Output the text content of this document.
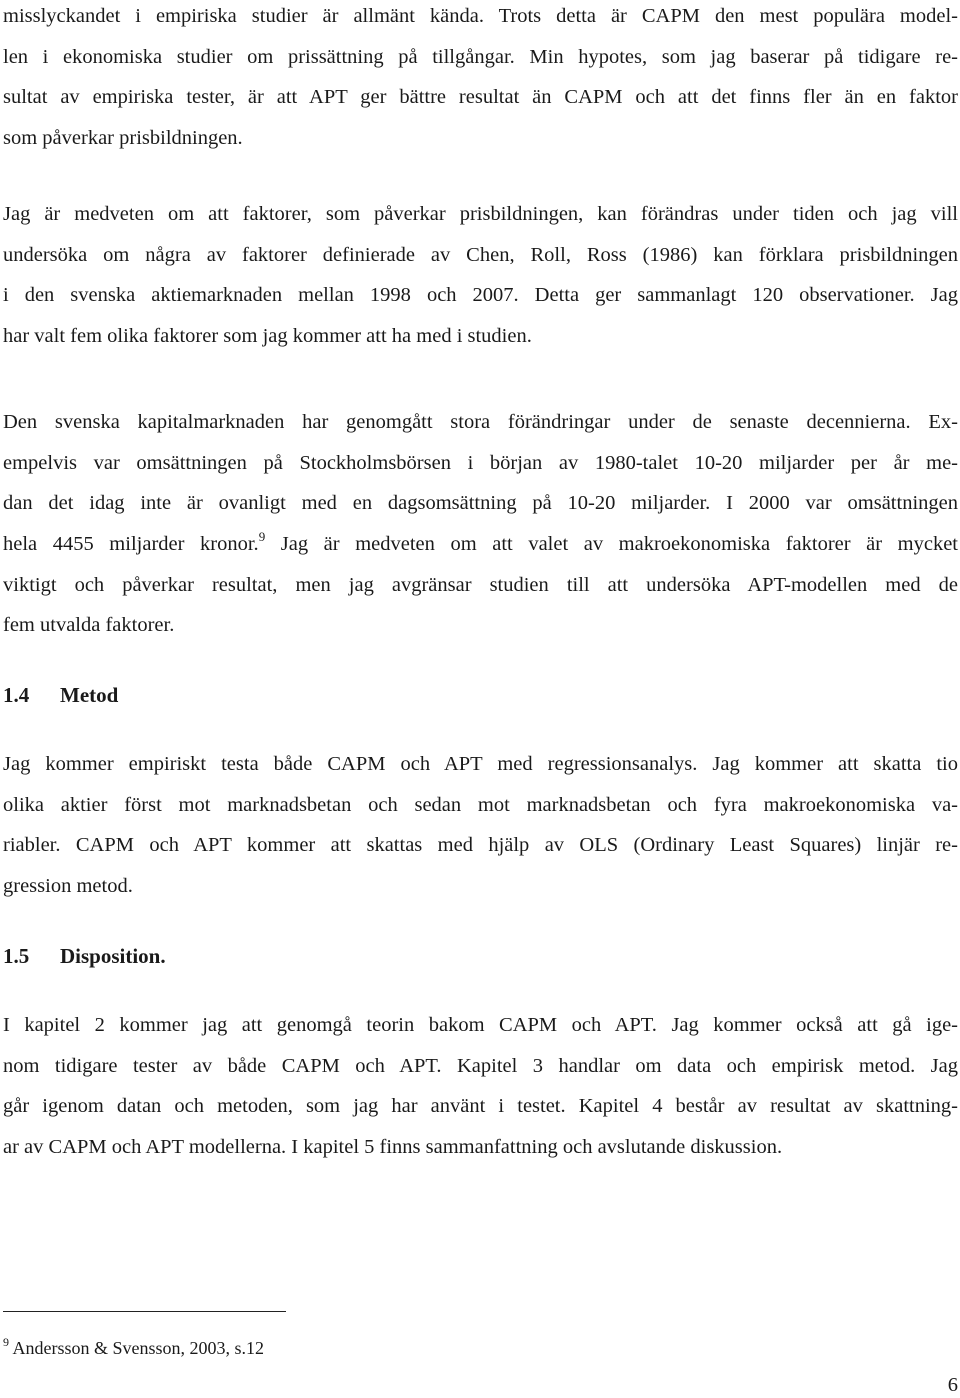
misslyckandet i empiriska studier är allmänt kända. Trots detta är CAPM den mest populära model-
len i ekonomiska studier om prissättning på tillgångar. Min hypotes, som jag baserar på tidigare re-
sultat av empiriska tester, är att APT ger bättre resultat än CAPM och att det finns fler än en faktor
som påverkar prisbildningen.
Jag är medveten om att faktorer, som påverkar prisbildningen, kan förändras under tiden och jag vill
undersöka om några av faktorer definierade av Chen, Roll, Ross (1986) kan förklara prisbildningen
i den svenska aktiemarknaden mellan 1998 och 2007. Detta ger sammanlagt 120 observationer. Jag
har valt fem olika faktorer som jag kommer att ha med i studien.
Den svenska kapitalmarknaden har genomgått stora förändringar under de senaste decennierna. Ex-
empelvis var omsättningen på Stockholmsbörsen i början av 1980-talet 10-20 miljarder per år me-
dan det idag inte är ovanligt med en dagsomsättning på 10-20 miljarder. I 2000 var omsättningen
hela 4455 miljarder kronor.$^9$ Jag är medveten om att valet av makroekonomiska faktorer är mycket
viktigt och påverkar resultat, men jag avgränsar studien till att undersöka APT-modellen med de
fem utvalda faktorer.
1.4 Metod
Jag kommer empiriskt testa både CAPM och APT med regressionsanalys. Jag kommer att skatta tio
olika aktier först mot marknadsbetan och sedan mot marknadsbetan och fyra makroekonomiska va-
riabler. CAPM och APT kommer att skattas med hjälp av OLS (Ordinary Least Squares) linjär re-
gression metod.
1.5 Disposition.
I kapitel 2 kommer jag att genomgå teorin bakom CAPM och APT. Jag kommer också att gå ige-
nom tidigare tester av både CAPM och APT. Kapitel 3 handlar om data och empirisk metod. Jag
går igenom datan och metoden, som jag har använt i testet. Kapitel 4 består av resultat av skattning-
ar av CAPM och APT modellerna. I kapitel 5 finns sammanfattning och avslutande diskussion.
$^9$ Andersson & Svensson, 2003, s.12
6
